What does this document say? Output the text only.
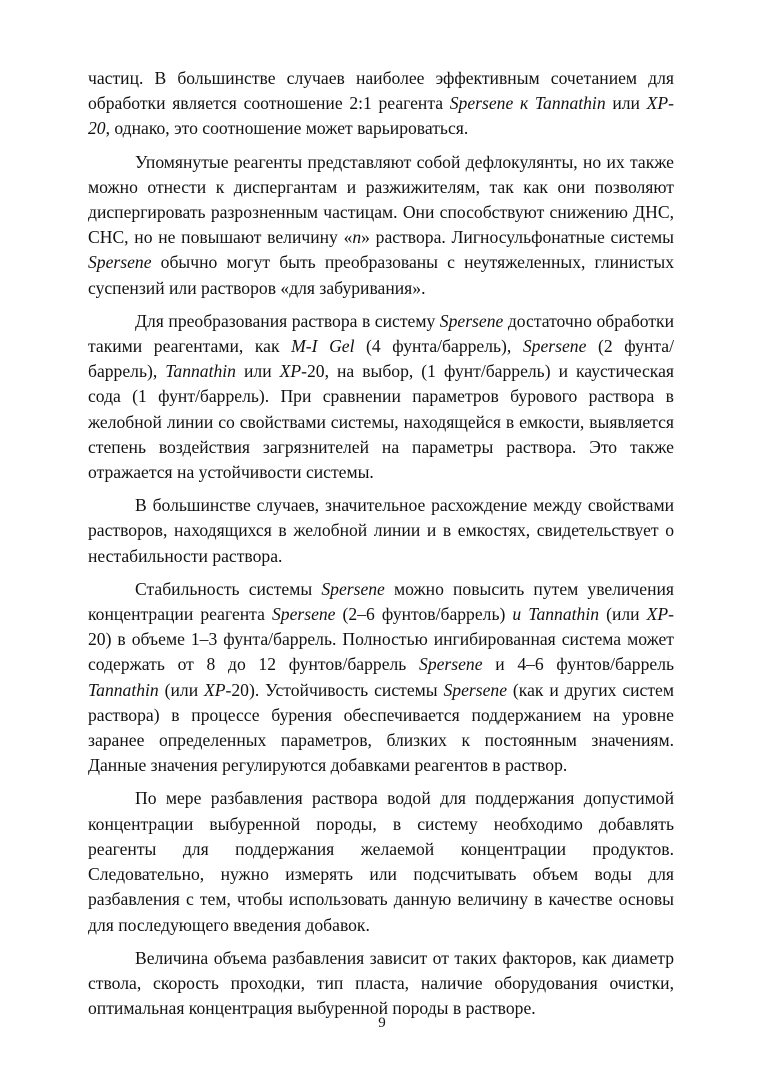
частиц. В большинстве случаев наиболее эффективным сочетанием для обработки является соотношение 2:1 реагента Spersene к Tannathin или XP-20, однако, это соотношение может варьироваться.

Упомянутые реагенты представляют собой дефлокулянты, но их также можно отнести к диспергантам и разжижителям, так как они позволяют диспергировать разрозненным частицам. Они способствуют снижению ДНС, СНС, но не повышают величину «n» раствора. Лигносульфонатные системы Spersene обычно могут быть преобразованы с неутяжеленных, глинистых суспензий или растворов «для забуривания».

Для преобразования раствора в систему Spersene достаточно обработки такими реагентами, как M-I Gel (4 фунта/баррель), Spersene (2 фунта/ баррель), Tannathin или XP-20, на выбор, (1 фунт/баррель) и каустическая сода (1 фунт/баррель). При сравнении параметров бурового раствора в желобной линии со свойствами системы, находящейся в емкости, выявляется степень воздействия загрязнителей на параметры раствора. Это также отражается на устойчивости системы.

В большинстве случаев, значительное расхождение между свойствами растворов, находящихся в желобной линии и в емкостях, свидетельствует о нестабильности раствора.

Стабильность системы Spersene можно повысить путем увеличения концентрации реагента Spersene (2–6 фунтов/баррель) и Tannathin (или XP-20) в объеме 1–3 фунта/баррель. Полностью ингибированная система может содержать от 8 до 12 фунтов/баррель Spersene и 4–6 фунтов/баррель Tannathin (или XP-20). Устойчивость системы Spersene (как и других систем раствора) в процессе бурения обеспечивается поддержанием на уровне заранее определенных параметров, близких к постоянным значениям. Данные значения регулируются добавками реагентов в раствор.

По мере разбавления раствора водой для поддержания допустимой концентрации выбуренной породы, в систему необходимо добавлять реагенты для поддержания желаемой концентрации продуктов. Следовательно, нужно измерять или подсчитывать объем воды для разбавления с тем, чтобы использовать данную величину в качестве основы для последующего введения добавок.

Величина объема разбавления зависит от таких факторов, как диаметр ствола, скорость проходки, тип пласта, наличие оборудования очистки, оптимальная концентрация выбуренной породы в растворе.

9
